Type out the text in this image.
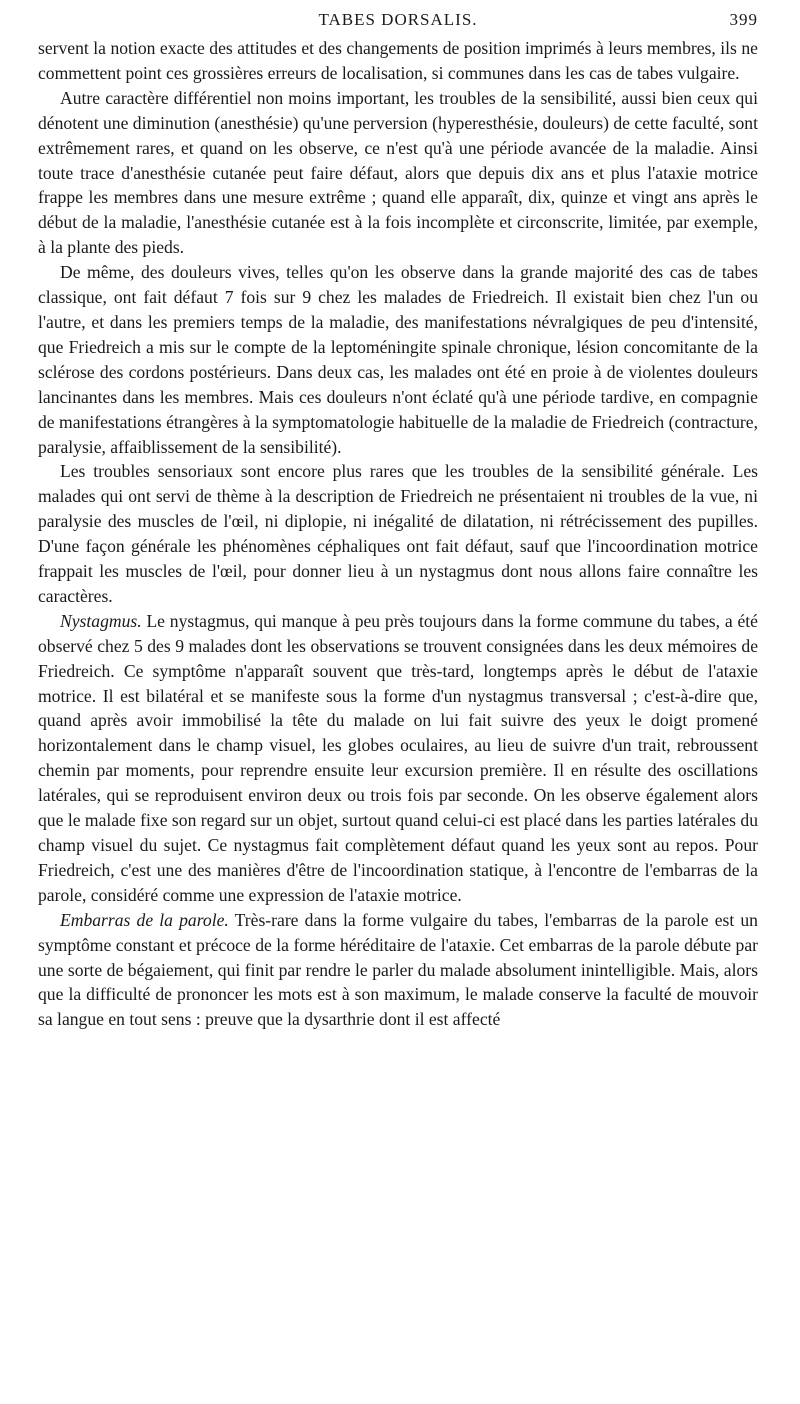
TABES DORSALIS.	399

servent la notion exacte des attitudes et des changements de position imprimés à leurs membres, ils ne commettent point ces grossières erreurs de localisation, si communes dans les cas de tabes vulgaire.

Autre caractère différentiel non moins important, les troubles de la sensibilité, aussi bien ceux qui dénotent une diminution (anesthésie) qu'une perversion (hyperesthésie, douleurs) de cette faculté, sont extrêmement rares, et quand on les observe, ce n'est qu'à une période avancée de la maladie. Ainsi toute trace d'anesthésie cutanée peut faire défaut, alors que depuis dix ans et plus l'ataxie motrice frappe les membres dans une mesure extrême ; quand elle apparaît, dix, quinze et vingt ans après le début de la maladie, l'anesthésie cutanée est à la fois incomplète et circonscrite, limitée, par exemple, à la plante des pieds.

De même, des douleurs vives, telles qu'on les observe dans la grande majorité des cas de tabes classique, ont fait défaut 7 fois sur 9 chez les malades de Friedreich. Il existait bien chez l'un ou l'autre, et dans les premiers temps de la maladie, des manifestations névralgiques de peu d'intensité, que Friedreich a mis sur le compte de la leptoméningite spinale chronique, lésion concomitante de la sclérose des cordons postérieurs. Dans deux cas, les malades ont été en proie à de violentes douleurs lancinantes dans les membres. Mais ces douleurs n'ont éclaté qu'à une période tardive, en compagnie de manifestations étrangères à la symptomatologie habituelle de la maladie de Friedreich (contracture, paralysie, affaiblissement de la sensibilité).

Les troubles sensoriaux sont encore plus rares que les troubles de la sensibilité générale. Les malades qui ont servi de thème à la description de Friedreich ne présentaient ni troubles de la vue, ni paralysie des muscles de l'œil, ni diplopie, ni inégalité de dilatation, ni rétrécissement des pupilles. D'une façon générale les phénomènes céphaliques ont fait défaut, sauf que l'incoordination motrice frappait les muscles de l'œil, pour donner lieu à un nystagmus dont nous allons faire connaître les caractères.

Nystagmus. Le nystagmus, qui manque à peu près toujours dans la forme commune du tabes, a été observé chez 5 des 9 malades dont les observations se trouvent consignées dans les deux mémoires de Friedreich. Ce symptôme n'apparaît souvent que très-tard, longtemps après le début de l'ataxie motrice. Il est bilatéral et se manifeste sous la forme d'un nystagmus transversal ; c'est-à-dire que, quand après avoir immobilisé la tête du malade on lui fait suivre des yeux le doigt promené horizontalement dans le champ visuel, les globes oculaires, au lieu de suivre d'un trait, rebroussent chemin par moments, pour reprendre ensuite leur excursion première. Il en résulte des oscillations latérales, qui se reproduisent environ deux ou trois fois par seconde. On les observe également alors que le malade fixe son regard sur un objet, surtout quand celui-ci est placé dans les parties latérales du champ visuel du sujet. Ce nystagmus fait complètement défaut quand les yeux sont au repos. Pour Friedreich, c'est une des manières d'être de l'incoordination statique, à l'encontre de l'embarras de la parole, considéré comme une expression de l'ataxie motrice.

Embarras de la parole. Très-rare dans la forme vulgaire du tabes, l'embarras de la parole est un symptôme constant et précoce de la forme héréditaire de l'ataxie. Cet embarras de la parole débute par une sorte de bégaiement, qui finit par rendre le parler du malade absolument inintelligible. Mais, alors que la difficulté de prononcer les mots est à son maximum, le malade conserve la faculté de mouvoir sa langue en tout sens : preuve que la dysarthrie dont il est affecté
